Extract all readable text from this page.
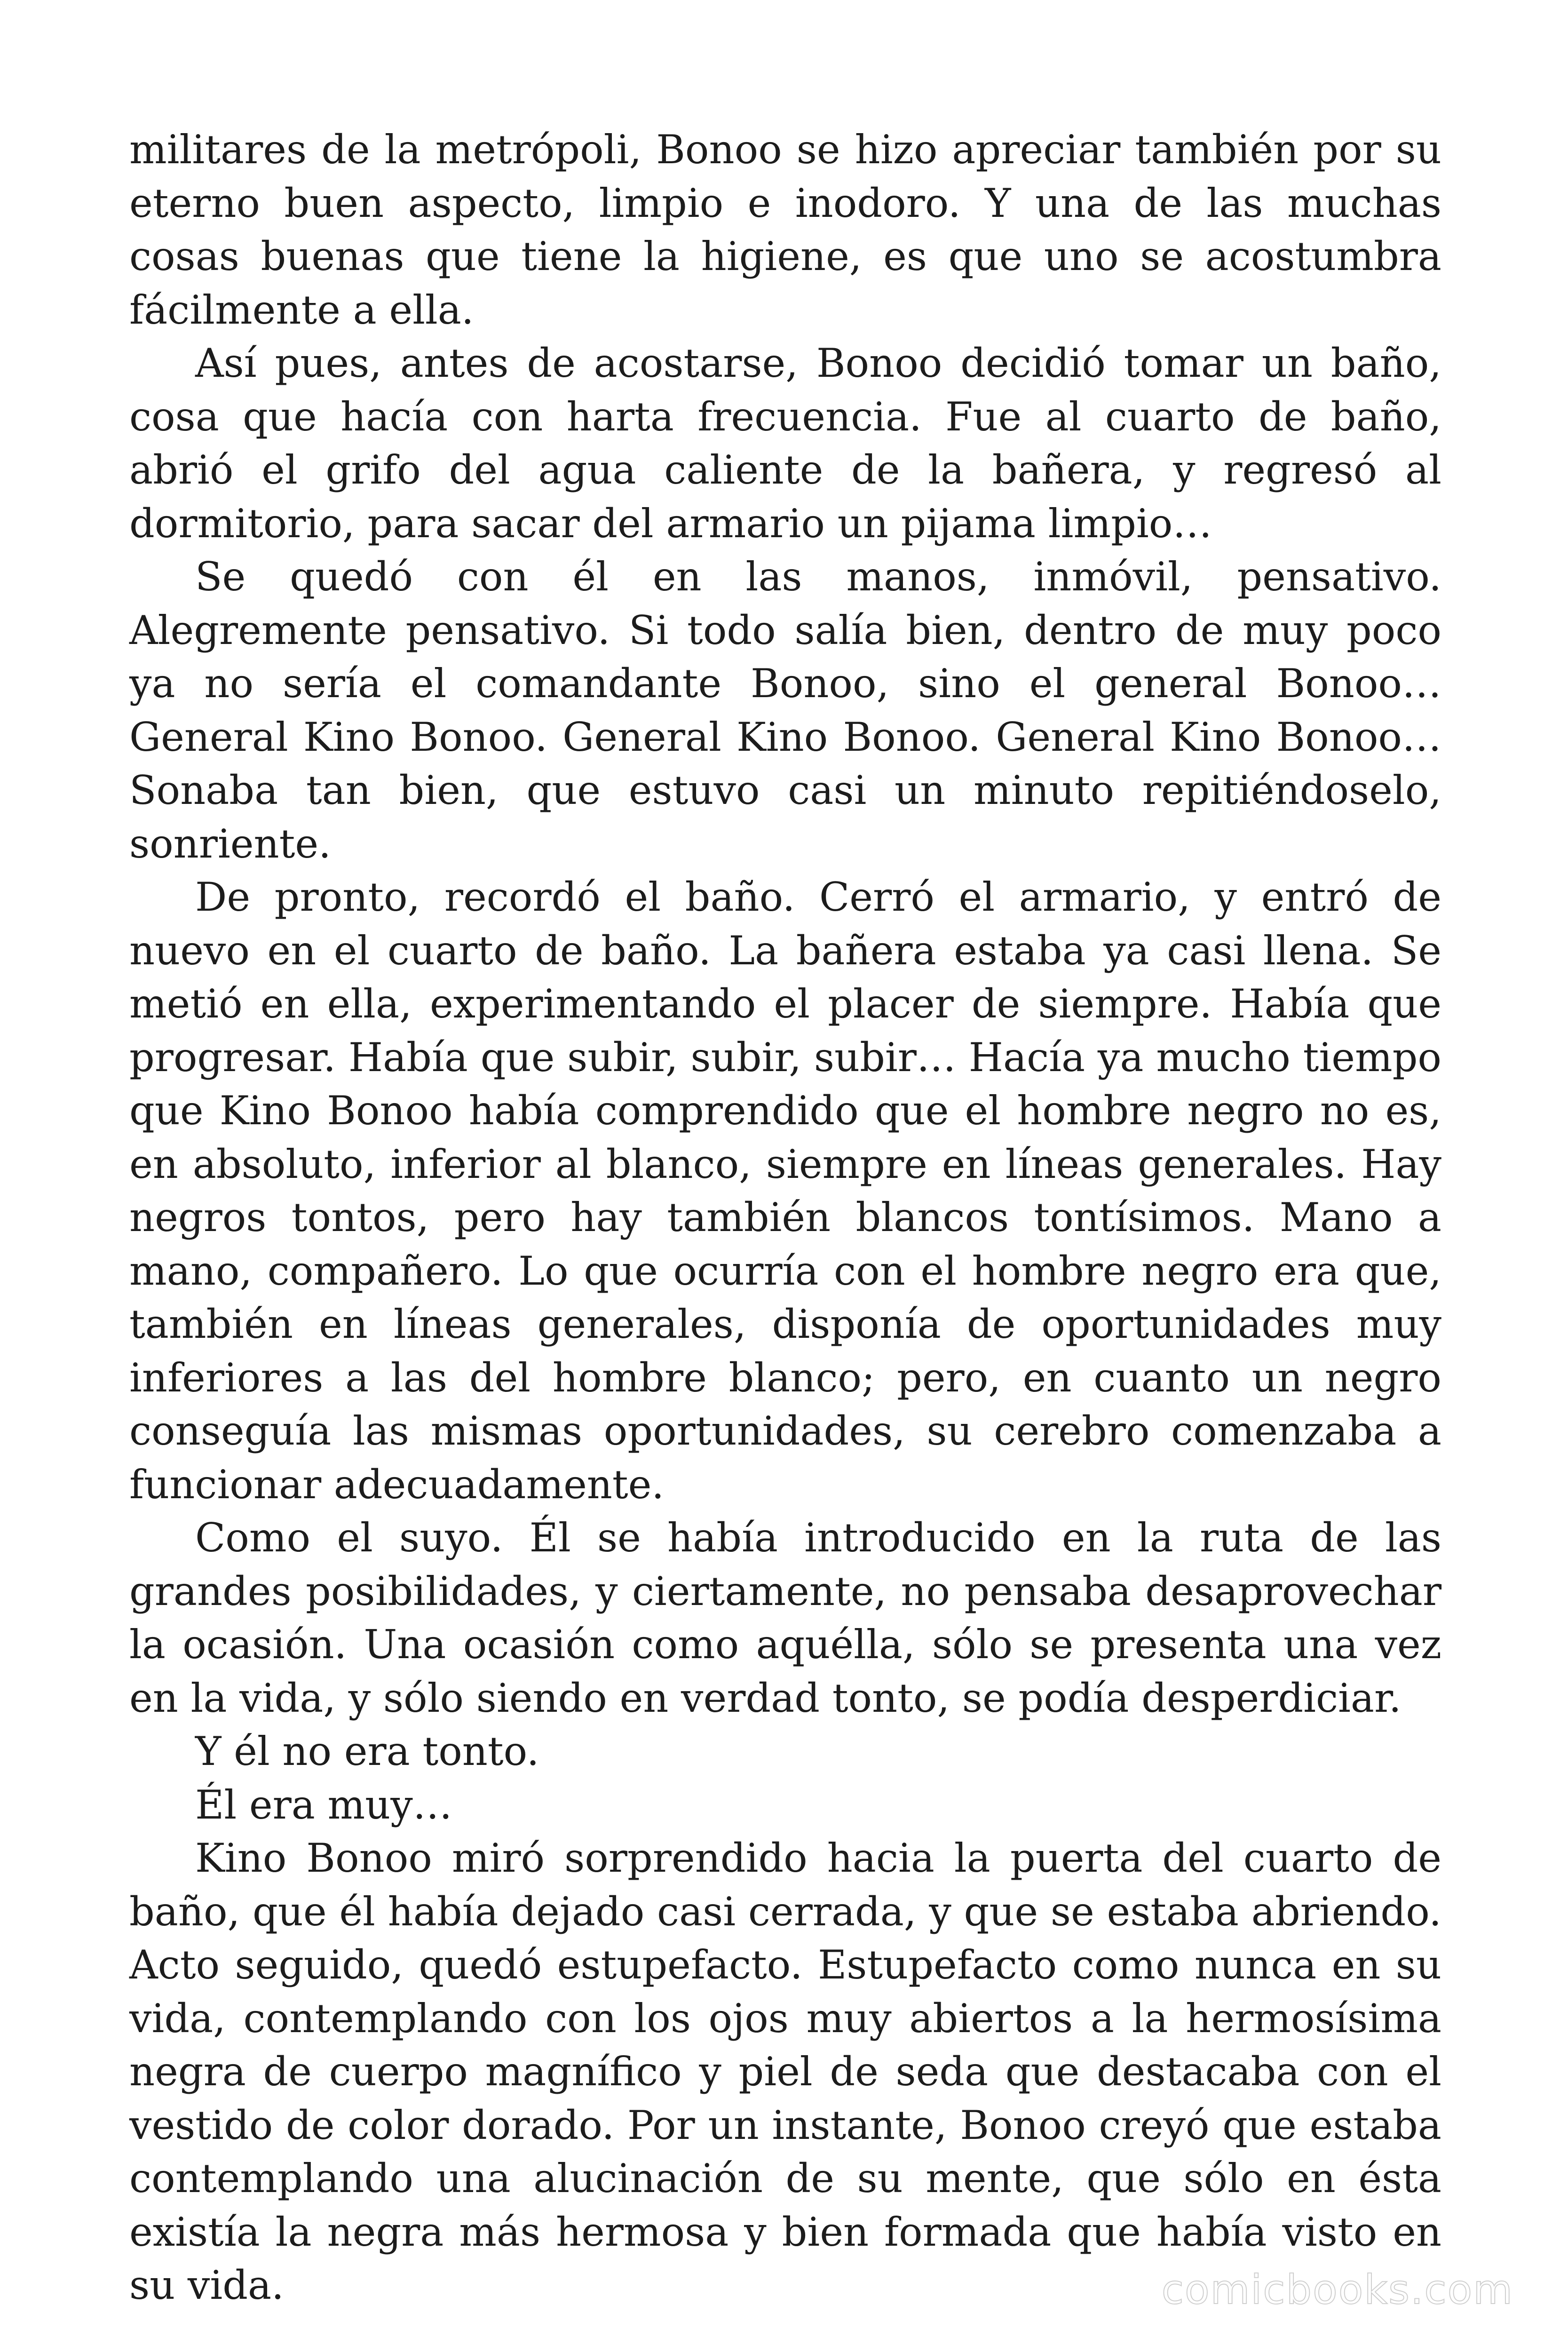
militares de la metrópoli, Bonoo se hizo apreciar también por su eterno buen aspecto, limpio e inodoro. Y una de las muchas cosas buenas que tiene la higiene, es que uno se acostumbra fácilmente a ella.

Así pues, antes de acostarse, Bonoo decidió tomar un baño, cosa que hacía con harta frecuencia. Fue al cuarto de baño, abrió el grifo del agua caliente de la bañera, y regresó al dormitorio, para sacar del armario un pijama limpio…

Se quedó con él en las manos, inmóvil, pensativo. Alegremente pensativo. Si todo salía bien, dentro de muy poco ya no sería el comandante Bonoo, sino el general Bonoo… General Kino Bonoo. General Kino Bonoo. General Kino Bonoo… Sonaba tan bien, que estuvo casi un minuto repitiéndoselo, sonriente.

De pronto, recordó el baño. Cerró el armario, y entró de nuevo en el cuarto de baño. La bañera estaba ya casi llena. Se metió en ella, experimentando el placer de siempre. Había que progresar. Había que subir, subir, subir… Hacía ya mucho tiempo que Kino Bonoo había comprendido que el hombre negro no es, en absoluto, inferior al blanco, siempre en líneas generales. Hay negros tontos, pero hay también blancos tontísimos. Mano a mano, compañero. Lo que ocurría con el hombre negro era que, también en líneas generales, disponía de oportunidades muy inferiores a las del hombre blanco; pero, en cuanto un negro conseguía las mismas oportunidades, su cerebro comenzaba a funcionar adecuadamente.

Como el suyo. Él se había introducido en la ruta de las grandes posibilidades, y ciertamente, no pensaba desaprovechar la ocasión. Una ocasión como aquélla, sólo se presenta una vez en la vida, y sólo siendo en verdad tonto, se podía desperdiciar.

Y él no era tonto.

Él era muy…

Kino Bonoo miró sorprendido hacia la puerta del cuarto de baño, que él había dejado casi cerrada, y que se estaba abriendo. Acto seguido, quedó estupefacto. Estupefacto como nunca en su vida, contemplando con los ojos muy abiertos a la hermosísima negra de cuerpo magnífico y piel de seda que destacaba con el vestido de color dorado. Por un instante, Bonoo creyó que estaba contemplando una alucinación de su mente, que sólo en ésta existía la negra más hermosa y bien formada que había visto en su vida.	comicbooks.com
